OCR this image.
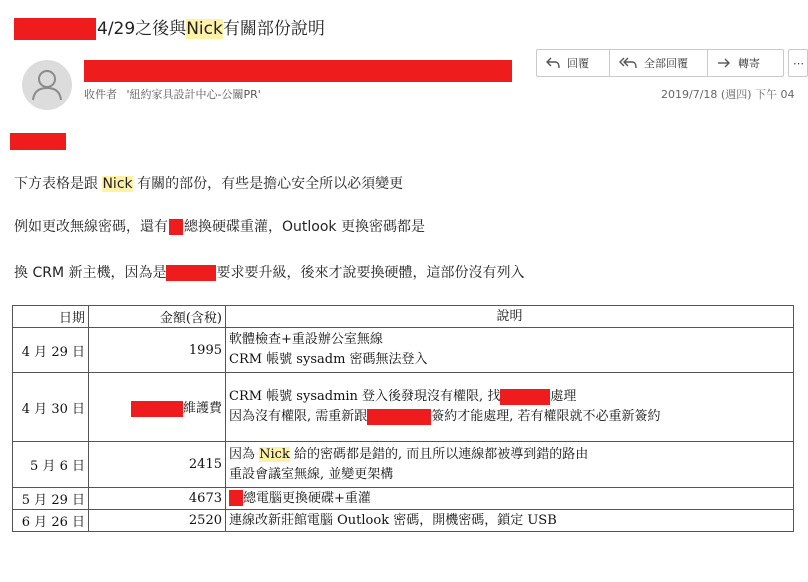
4/29之後與Nick有關部份說明
收件者 '紐約家具設計中心-公關PR'	2019/7/18 (週四) 下午 04
回覆	全部回覆	轉寄	⋯
下方表格是跟 Nick 有關的部份，有些是擔心安全所以必須變更
例如更改無線密碼，還有 總換硬碟重灌，Outlook 更換密碼都是
換 CRM 新主機，因為是	要求要升級，後來才說要換硬體，這部份沒有列入
日期	金額(含稅)	說明
4 月 29 日	1995	軟體檢查+重設辦公室無線
CRM 帳號 sysadm 密碼無法登入

4 月 30 日	維護費	CRM 帳號 sysadmin 登入後發現沒有權限, 找 處理
因為沒有權限, 需重新跟 簽約才能處理, 若有權限就不必重新簽約

5 月 6 日	2415	因為 Nick 給的密碼都是錯的, 而且所以連線都被導到錯的路由
重設會議室無線, 並變更架構

5 月 29 日	4673	總電腦更換硬碟+重灌
6 月 26 日	2520	連線改新莊館電腦 Outlook 密碼，開機密碼，鎖定 USB
